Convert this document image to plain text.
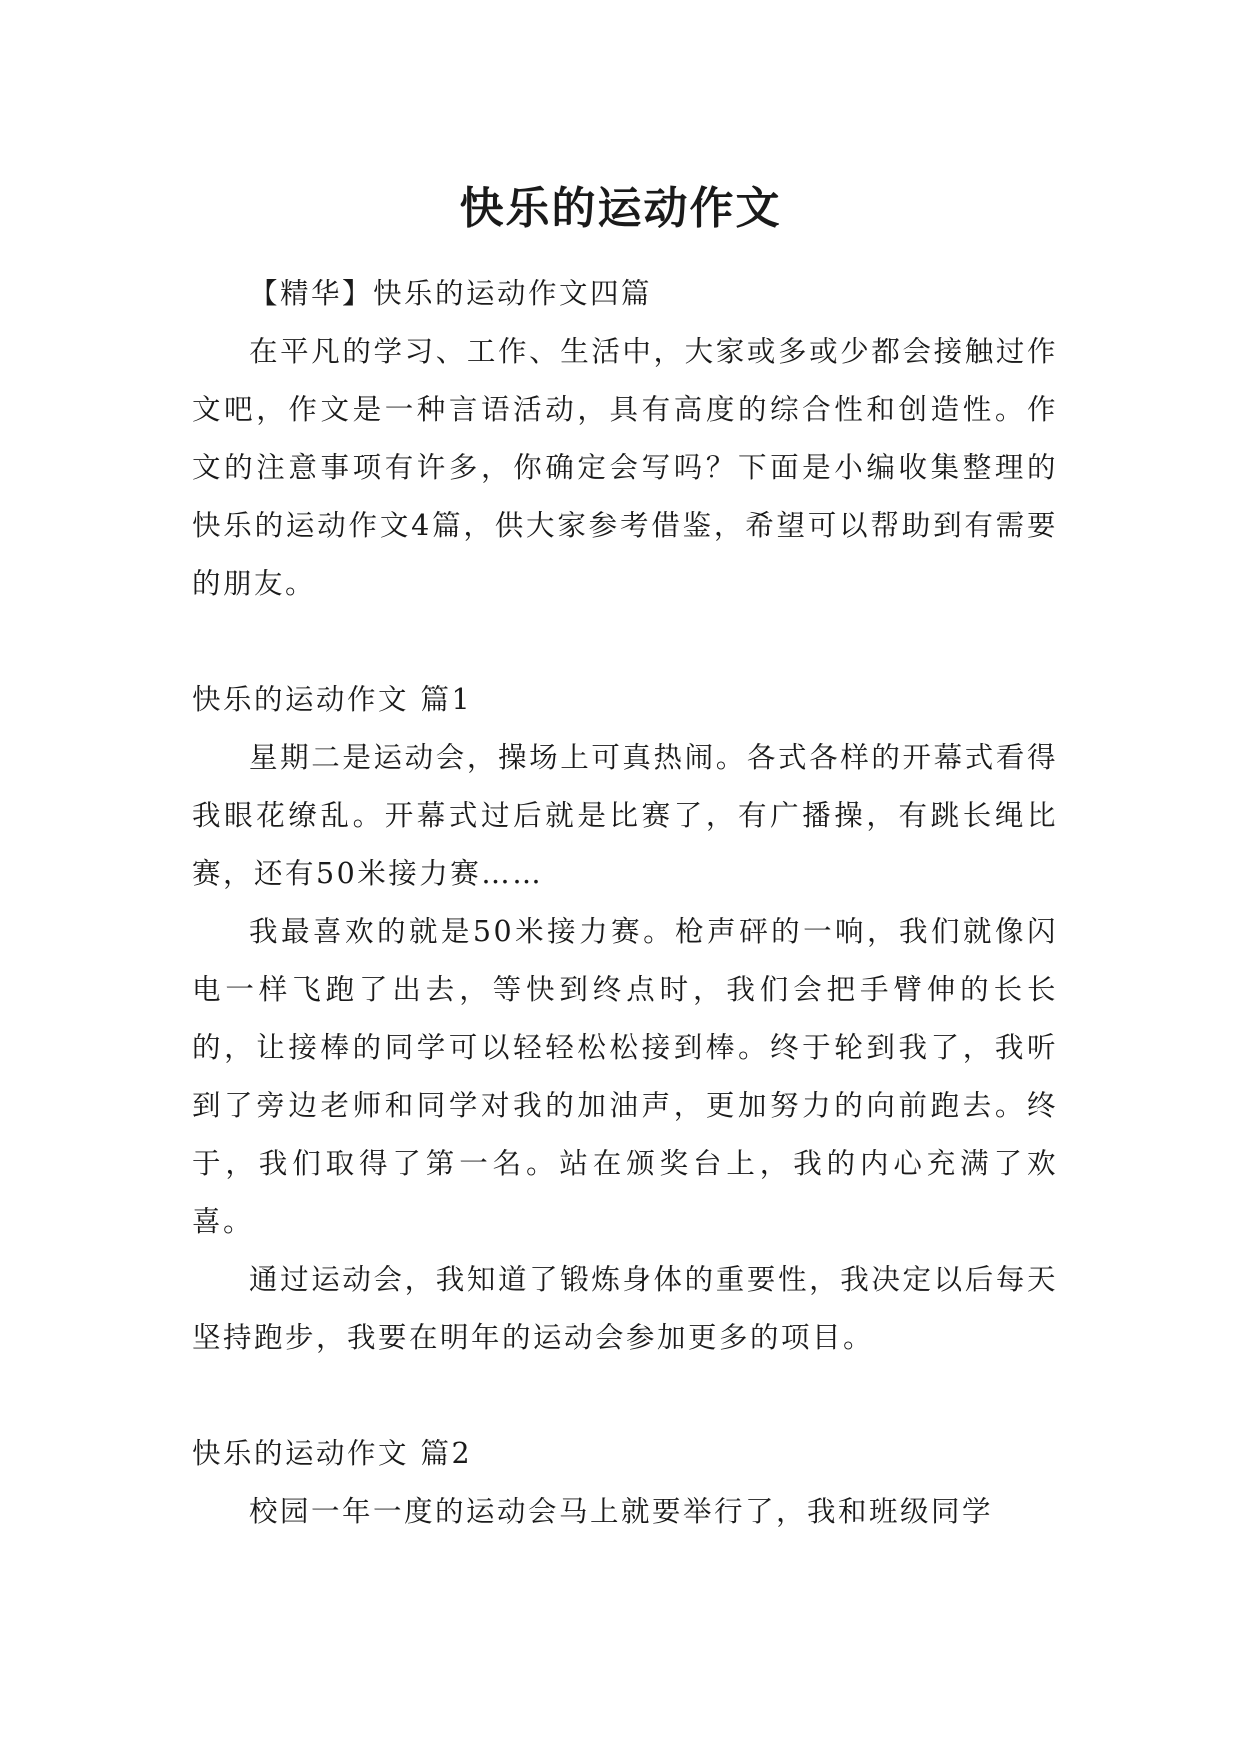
快乐的运动作文

【精华】快乐的运动作文四篇

在平凡的学习、工作、生活中，大家或多或少都会接触过作文吧，作文是一种言语活动，具有高度的综合性和创造性。作文的注意事项有许多，你确定会写吗？下面是小编收集整理的快乐的运动作文4篇，供大家参考借鉴，希望可以帮助到有需要的朋友。

快乐的运动作文 篇1

星期二是运动会，操场上可真热闹。各式各样的开幕式看得我眼花缭乱。开幕式过后就是比赛了，有广播操，有跳长绳比赛，还有50米接力赛……

我最喜欢的就是50米接力赛。枪声砰的一响，我们就像闪电一样飞跑了出去，等快到终点时，我们会把手臂伸的长长的，让接棒的同学可以轻轻松松接到棒。终于轮到我了，我听到了旁边老师和同学对我的加油声，更加努力的向前跑去。终于，我们取得了第一名。站在颁奖台上，我的内心充满了欢喜。

通过运动会，我知道了锻炼身体的重要性，我决定以后每天坚持跑步，我要在明年的运动会参加更多的项目。

快乐的运动作文 篇2

校园一年一度的运动会马上就要举行了，我和班级同学
